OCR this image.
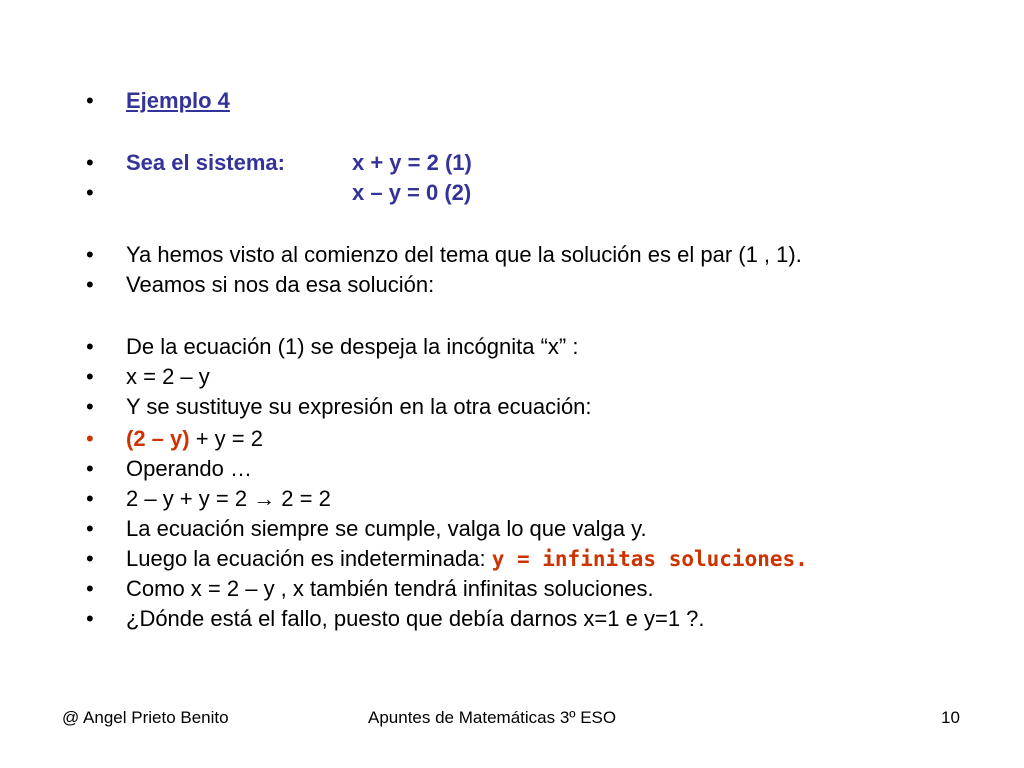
• Ejemplo 4
• Sea el sistema:	x + y = 2 (1)
•	x – y = 0 (2)
• Ya hemos visto al comienzo del tema que la solución es el par (1 , 1).
• Veamos si nos da esa solución:
• De la ecuación (1) se despeja la incógnita “x” :
• x = 2 – y
• Y se sustituye su expresión en la otra ecuación:
• (2 – y) + y = 2
• Operando …
• 2 – y + y = 2 → 2 = 2
• La ecuación siempre se cumple, valga lo que valga y.
• Luego la ecuación es indeterminada: y = infinitas soluciones.
• Como x = 2 – y , x también tendrá infinitas soluciones.
• ¿Dónde está el fallo, puesto que debía darnos x=1 e y=1 ?.
@ Angel Prieto Benito	Apuntes de Matemáticas 3º ESO	10
